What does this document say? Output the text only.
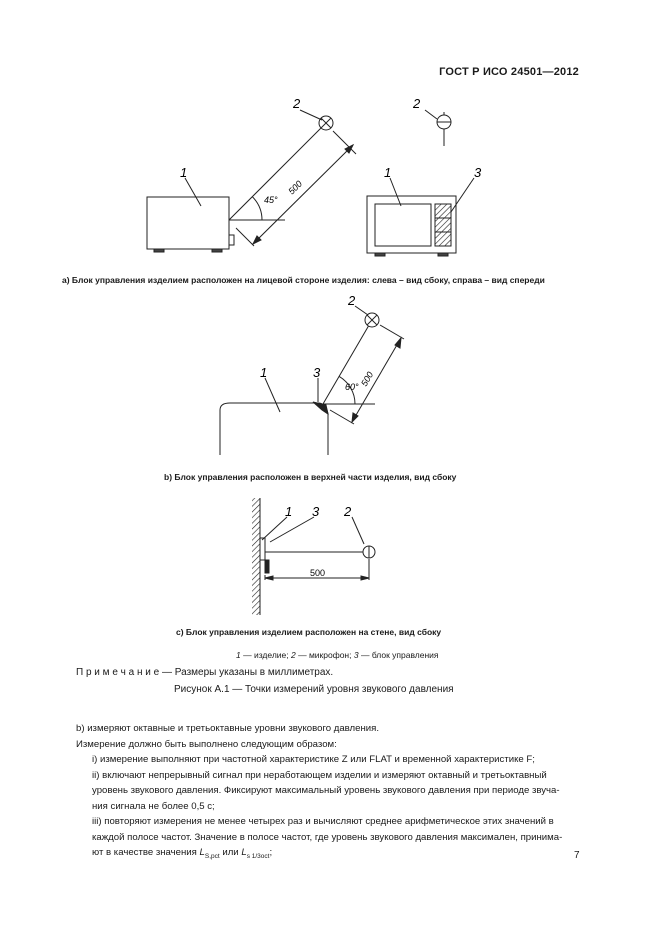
ГОСТ Р ИСО 24501—2012
1
2
45°
500
2
1	3
2
1	3
60° 500
1 3 2
500
а) Блок управления изделием расположен на лицевой стороне изделия: слева – вид сбоку, справа – вид спереди
b) Блок управления расположен в верхней части изделия, вид сбоку
c) Блок управления изделием расположен на стене, вид сбоку
1 — изделие; 2 — микрофон; 3 — блок управления
П р и м е ч а н и е — Размеры указаны в миллиметрах.
Рисунок А.1 — Точки измерений уровня звукового давления
b) измеряют октавные и третьоктавные уровни звукового давления.
Измерение должно быть выполнено следующим образом:
i) измерение выполняют при частотной характеристике Z или FLAT и временной характеристике F;
ii) включают непрерывный сигнал при неработающем изделии и измеряют октавный и третьоктавный
уровень звукового давления. Фиксируют максимальный уровень звукового давления при периоде звуча-
ния сигнала не более 0,5 с;
iii) повторяют измерения не менее четырех раз и вычисляют среднее арифметическое этих значений в
каждой полосе частот. Значение в полосе частот, где уровень звукового давления максимален, принима-
ют в качестве значения $L_{S,pct}$ или $L_{s 1/3oct}$;	7
